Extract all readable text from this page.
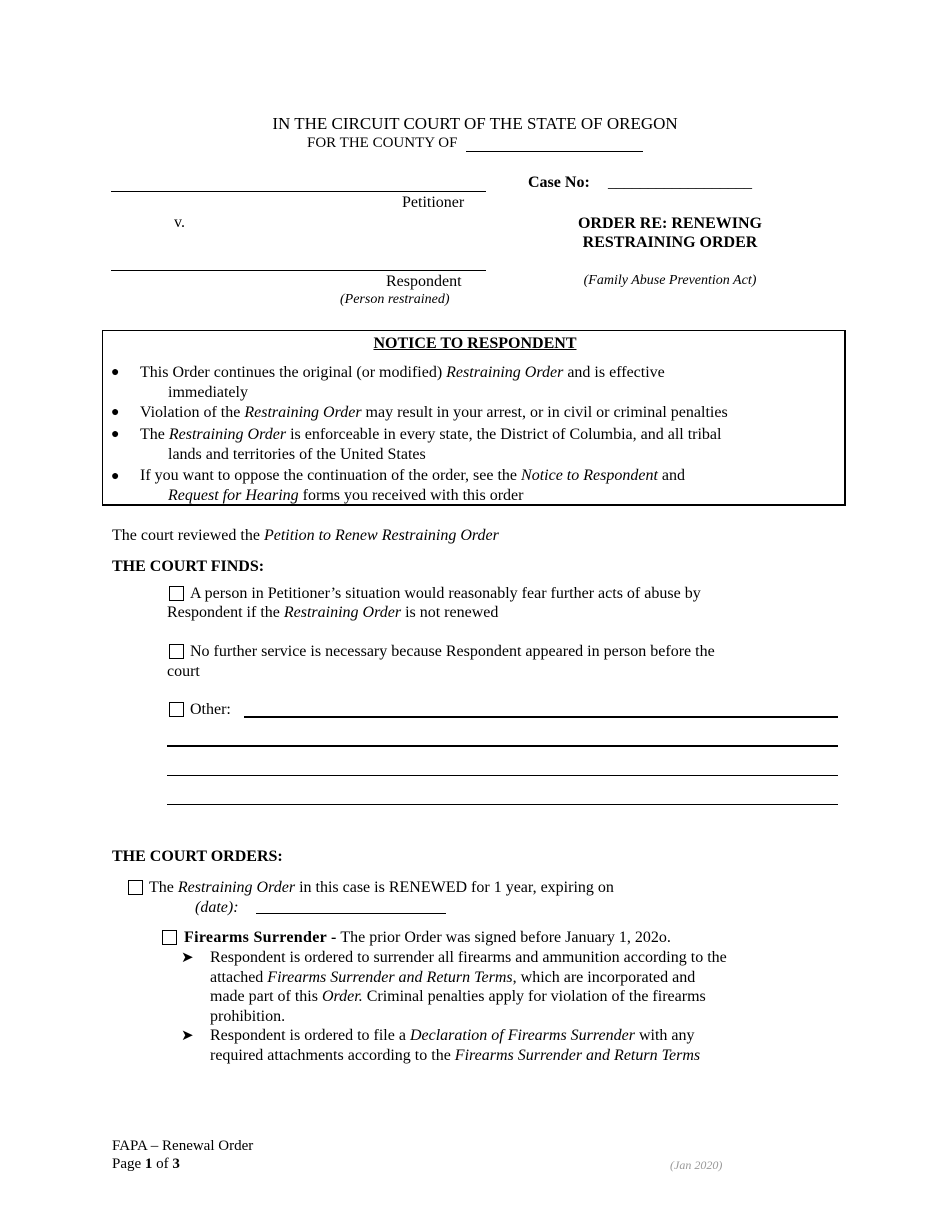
IN THE CIRCUIT COURT OF THE STATE OF OREGON
FOR THE COUNTY OF
Petitioner
v.
Respondent
(Person restrained)
Case No: __________________
ORDER RE: RENEWING
RESTRAINING ORDER
(Family Abuse Prevention Act)
NOTICE TO RESPONDENT
● This Order continues the original (or modified) Restraining Order and is effective
immediately
● Violation of the Restraining Order may result in your arrest, or in civil or criminal penalties
● The Restraining Order is enforceable in every state, the District of Columbia, and all tribal
lands and territories of the United States
● If you want to oppose the continuation of the order, see the Notice to Respondent and
Request for Hearing forms you received with this order
The court reviewed the Petition to Renew Restraining Order
THE COURT FINDS:
A person in Petitioner’s situation would reasonably fear further acts of abuse by
Respondent if the Restraining Order is not renewed
No further service is necessary because Respondent appeared in person before the
court
Other:
THE COURT ORDERS:
The Restraining Order in this case is RENEWED for 1 year, expiring on
(date):
Firearms Surrender - The prior Order was signed before January 1, 202o.
➤ Respondent is ordered to surrender all firearms and ammunition according to the
attached Firearms Surrender and Return Terms, which are incorporated and
made part of this Order. Criminal penalties apply for violation of the firearms
prohibition.
➤ Respondent is ordered to file a Declaration of Firearms Surrender with any
required attachments according to the Firearms Surrender and Return Terms
FAPA – Renewal Order
Page 1 of 3	(Jan 2020)
